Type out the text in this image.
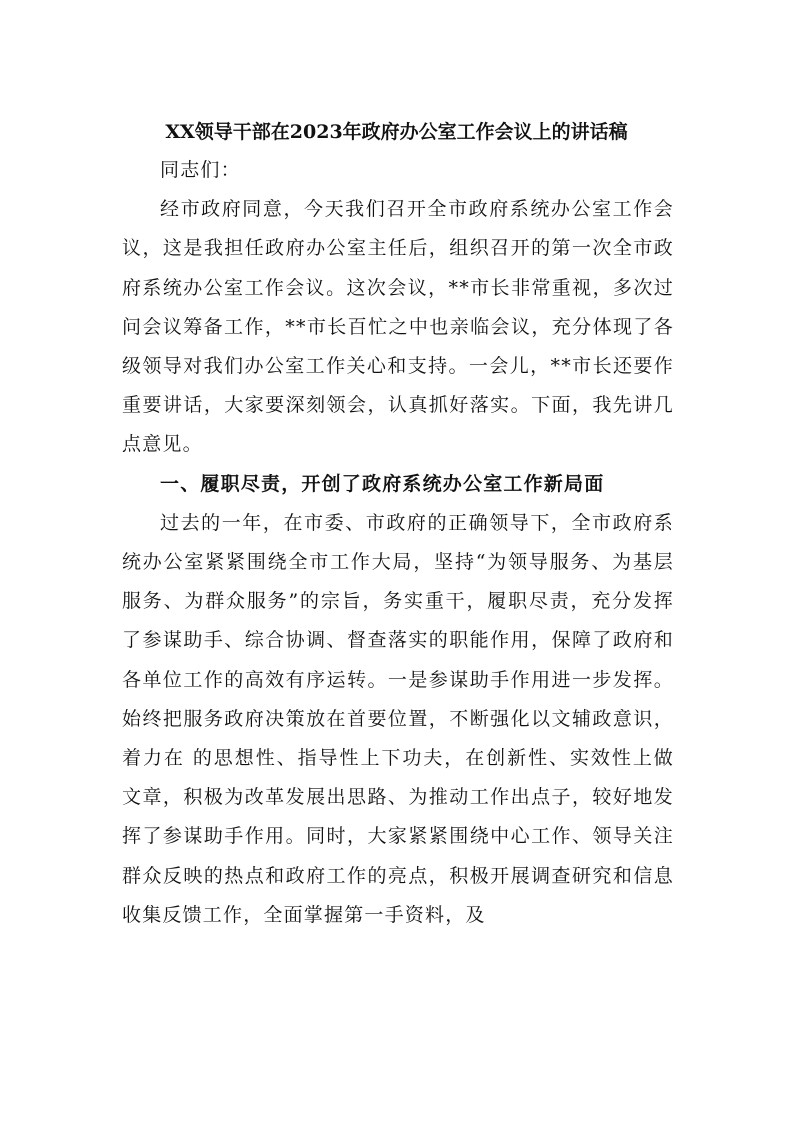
XX领导干部在2023年政府办公室工作会议上的讲话稿

同志们：

经市政府同意，今天我们召开全市政府系统办公室工作会议，这是我担任政府办公室主任后，组织召开的第一次全市政府系统办公室工作会议。这次会议，**市长非常重视，多次过问会议筹备工作，**市长百忙之中也亲临会议，充分体现了各级领导对我们办公室工作关心和支持。一会儿，**市长还要作重要讲话，大家要深刻领会，认真抓好落实。下面，我先讲几点意见。

一、履职尽责，开创了政府系统办公室工作新局面

过去的一年，在市委、市政府的正确领导下，全市政府系统办公室紧紧围绕全市工作大局，坚持“为领导服务、为基层服务、为群众服务”的宗旨，务实重干，履职尽责，充分发挥了参谋助手、综合协调、督查落实的职能作用，保障了政府和各单位工作的高效有序运转。一是参谋助手作用进一步发挥。始终把服务政府决策放在首要位置，不断强化以文辅政意识，着力在 的思想性、指导性上下功夫，在创新性、实效性上做文章，积极为改革发展出思路、为推动工作出点子，较好地发挥了参谋助手作用。同时，大家紧紧围绕中心工作、领导关注群众反映的热点和政府工作的亮点，积极开展调查研究和信息收集反馈工作，全面掌握第一手资料，及
